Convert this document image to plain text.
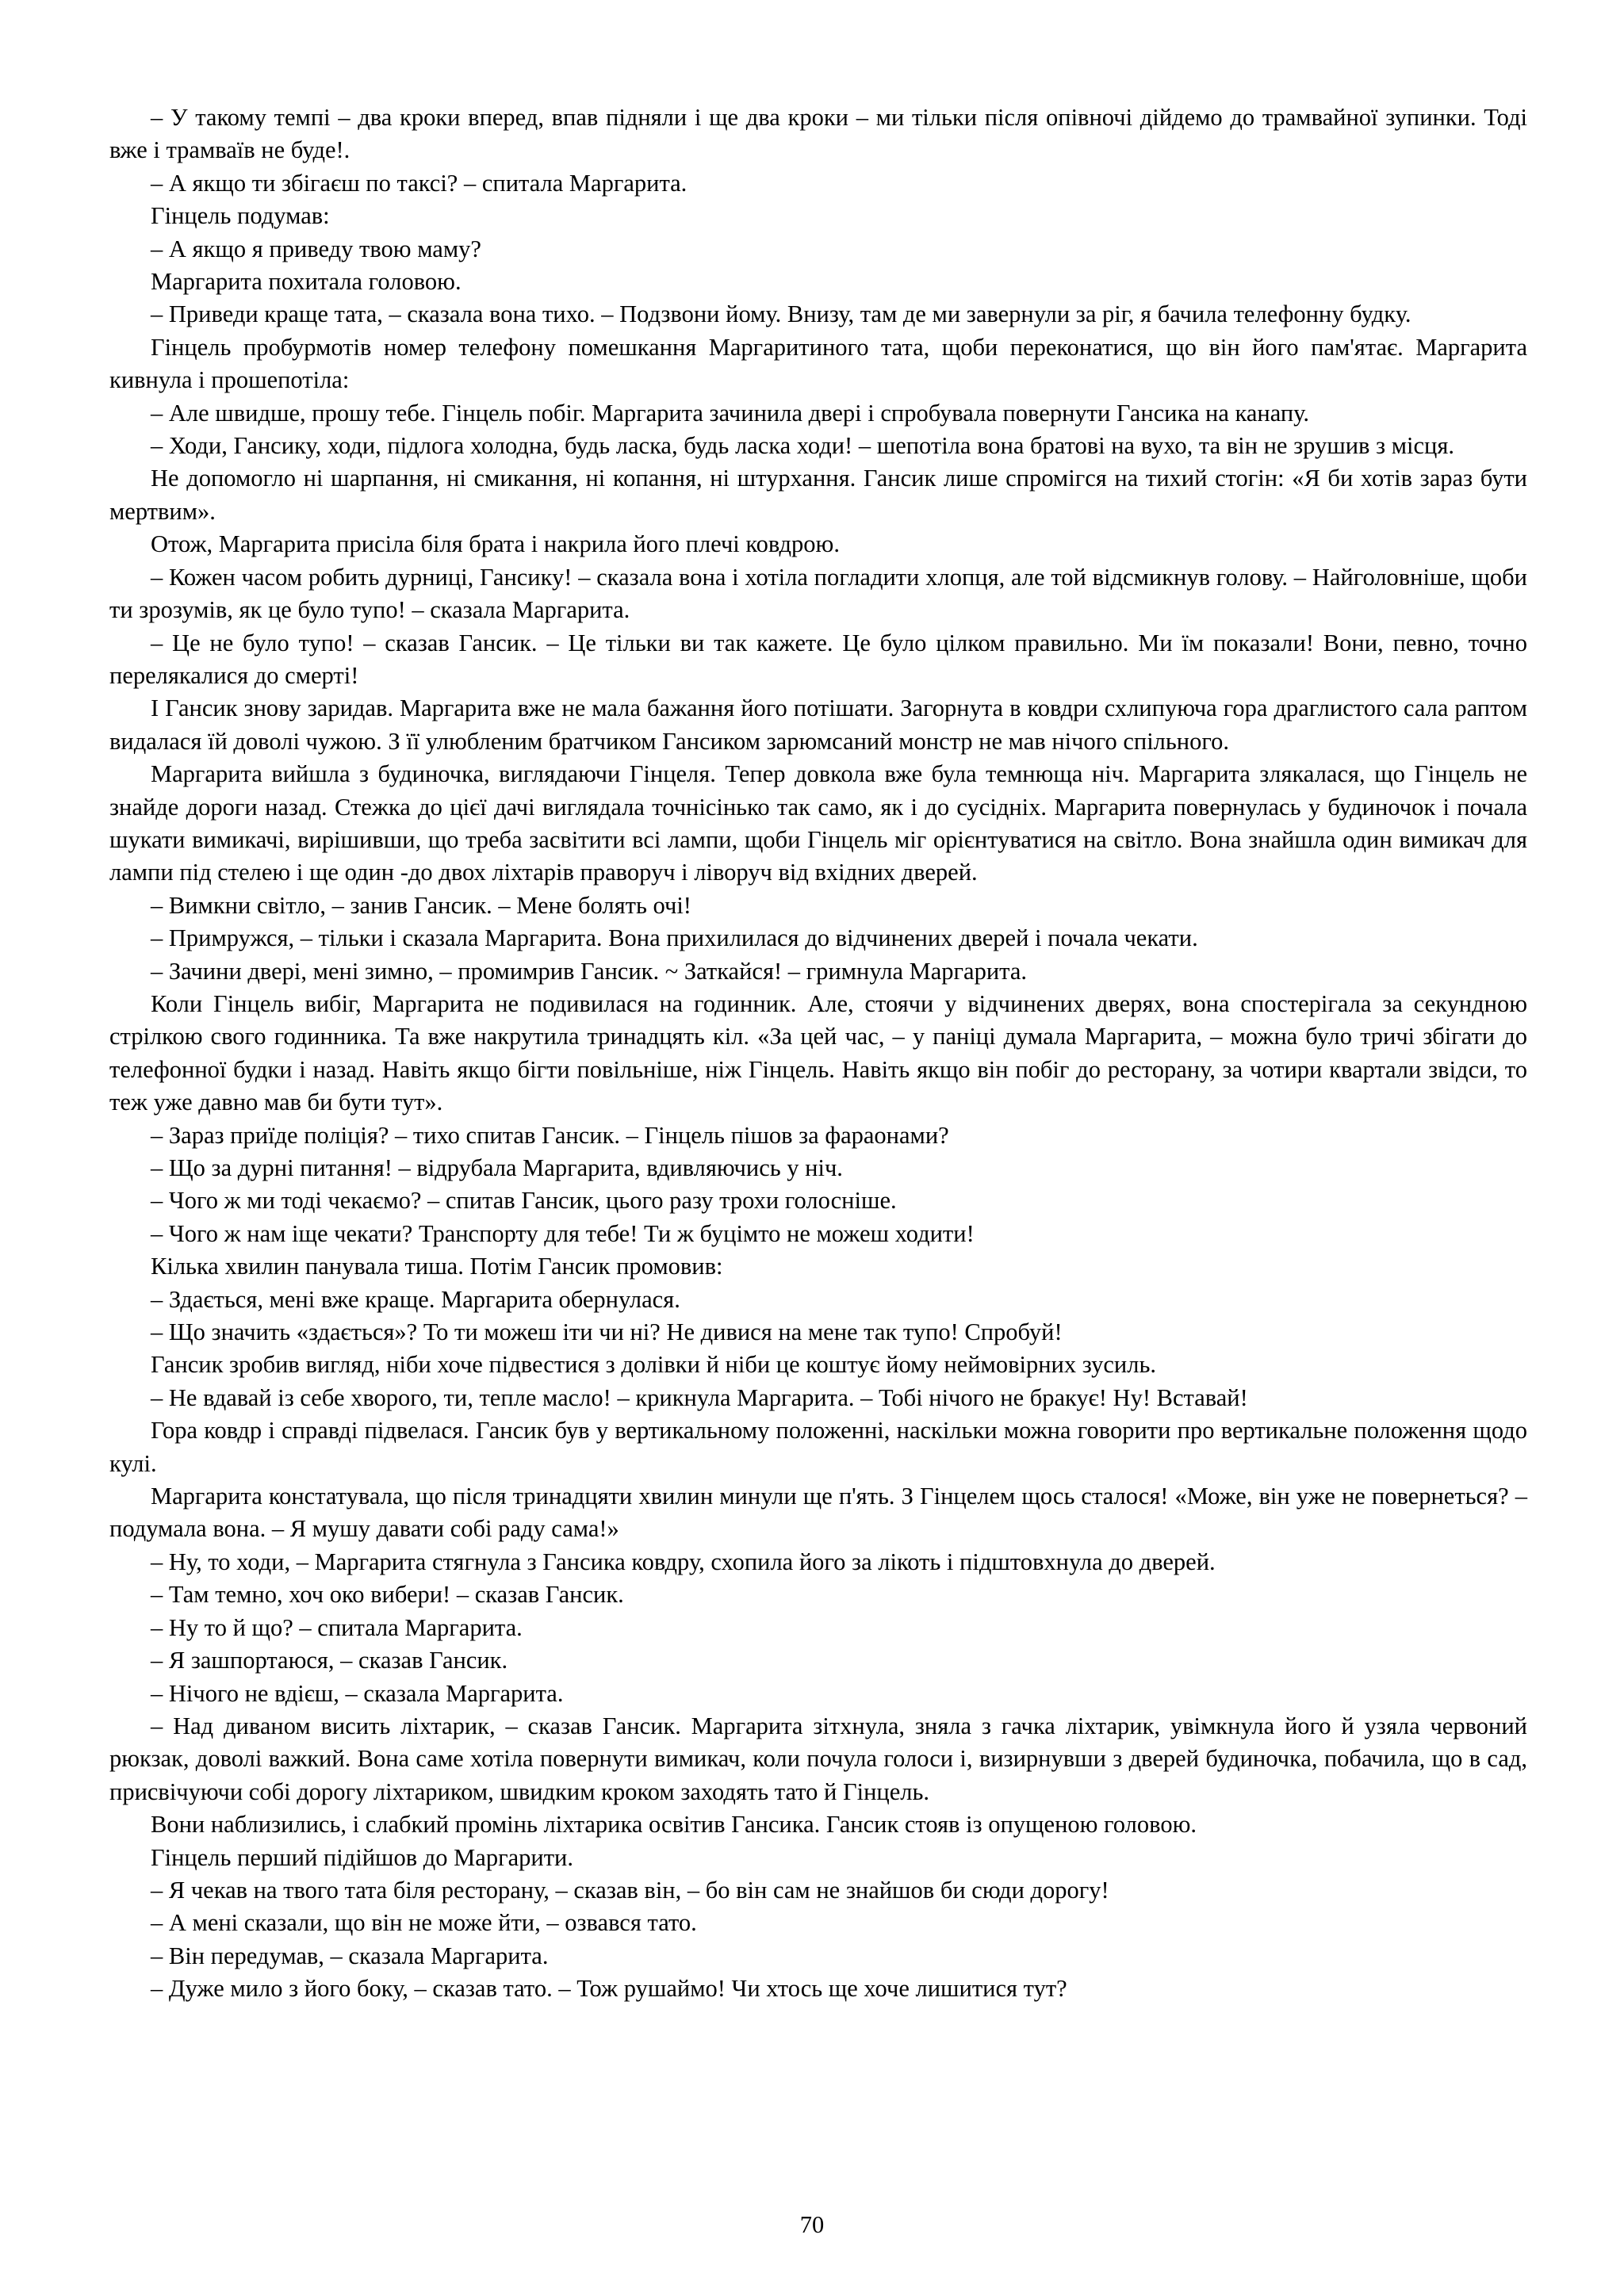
– У такому темпі – два кроки вперед, впав підняли і ще два кроки – ми тільки після опівночі дійдемо до трамвайної зупинки. Тоді вже і трамваїв не буде!.

– А якщо ти збігаєш по таксі? – спитала Маргарита.

Гінцель подумав:

– А якщо я приведу твою маму?

Маргарита похитала головою.

– Приведи краще тата, – сказала вона тихо. – Подзвони йому. Внизу, там де ми завернули за ріг, я бачила телефонну будку.

Гінцель пробурмотів номер телефону помешкання Маргаритиного тата, щоби переконатися, що він його пам'ятає. Маргарита кивнула і прошепотіла:

– Але швидше, прошу тебе. Гінцель побіг. Маргарита зачинила двері і спробувала повернути Гансика на канапу.

– Ходи, Гансику, ходи, підлога холодна, будь ласка, будь ласка ходи! – шепотіла вона братові на вухо, та він не зрушив з місця.

Не допомогло ні шарпання, ні смикання, ні копання, ні штурхання. Гансик лише спромігся на тихий стогін: «Я би хотів зараз бути мертвим».

Отож, Маргарита присіла біля брата і накрила його плечі ковдрою.

– Кожен часом робить дурниці, Гансику! – сказала вона і хотіла погладити хлопця, але той відсмикнув голову. – Найголовніше, щоби ти зрозумів, як це було тупо! – сказала Маргарита.

– Це не було тупо! – сказав Гансик. – Це тільки ви так кажете. Це було цілком правильно. Ми їм показали! Вони, певно, точно перелякалися до смерті!

І Гансик знову заридав. Маргарита вже не мала бажання його потішати. Загорнута в ковдри схлипуюча гора драглистого сала раптом видалася їй доволі чужою. З її улюбленим братчиком Гансиком зарюмсаний монстр не мав нічого спільного.

Маргарита вийшла з будиночка, виглядаючи Гінцеля. Тепер довкола вже була темнюща ніч. Маргарита злякалася, що Гінцель не знайде дороги назад. Стежка до цієї дачі виглядала точнісінько так само, як і до сусідніх. Маргарита повернулась у будиночок і почала шукати вимикачі, вирішивши, що треба засвітити всі лампи, щоби Гінцель міг орієнтуватися на світло. Вона знайшла один вимикач для лампи під стелею і ще один -до двох ліхтарів праворуч і ліворуч від вхідних дверей.

– Вимкни світло, – занив Гансик. – Мене болять очі!

– Примружся, – тільки і сказала Маргарита. Вона прихилилася до відчинених дверей і почала чекати.

– Зачини двері, мені зимно, – промимрив Гансик. ~ Заткайся! – гримнула Маргарита.

Коли Гінцель вибіг, Маргарита не подивилася на годинник. Але, стоячи у відчинених дверях, вона спостерігала за секундною стрілкою свого годинника. Та вже накрутила тринадцять кіл. «За цей час, – у паніці думала Маргарита, – можна було тричі збігати до телефонної будки і назад. Навіть якщо бігти повільніше, ніж Гінцель. Навіть якщо він побіг до ресторану, за чотири квартали звідси, то теж уже давно мав би бути тут».

– Зараз приїде поліція? – тихо спитав Гансик. – Гінцель пішов за фараонами?

– Що за дурні питання! – відрубала Маргарита, вдивляючись у ніч.

– Чого ж ми тоді чекаємо? – спитав Гансик, цього разу трохи голосніше.

– Чого ж нам іще чекати? Транспорту для тебе! Ти ж буцімто не можеш ходити!

Кілька хвилин панувала тиша. Потім Гансик промовив:

– Здається, мені вже краще. Маргарита обернулася.

– Що значить «здається»? То ти можеш іти чи ні? Не дивися на мене так тупо! Спробуй!

Гансик зробив вигляд, ніби хоче підвестися з долівки й ніби це коштує йому неймовірних зусиль.

– Не вдавай із себе хворого, ти, тепле масло! – крикнула Маргарита. – Тобі нічого не бракує! Ну! Вставай!

Гора ковдр і справді підвелася. Гансик був у вертикальному положенні, наскільки можна говорити про вертикальне положення щодо кулі.

Маргарита констатувала, що після тринадцяти хвилин минули ще п'ять. З Гінцелем щось сталося! «Може, він уже не повернеться? – подумала вона. – Я мушу давати собі раду сама!»

– Ну, то ходи, – Маргарита стягнула з Гансика ковдру, схопила його за лікоть і підштовхнула до дверей.

– Там темно, хоч око вибери! – сказав Гансик.

– Ну то й що? – спитала Маргарита.

– Я зашпортаюся, – сказав Гансик.

– Нічого не вдієш, – сказала Маргарита.

– Над диваном висить ліхтарик, – сказав Гансик. Маргарита зітхнула, зняла з гачка ліхтарик, увімкнула його й узяла червоний рюкзак, доволі важкий. Вона саме хотіла повернути вимикач, коли почула голоси і, визирнувши з дверей будиночка, побачила, що в сад, присвічуючи собі дорогу ліхтариком, швидким кроком заходять тато й Гінцель.

Вони наблизились, і слабкий промінь ліхтарика освітив Гансика. Гансик стояв із опущеною головою.

Гінцель перший підійшов до Маргарити.

– Я чекав на твого тата біля ресторану, – сказав він, – бо він сам не знайшов би сюди дорогу!

– А мені сказали, що він не може йти, – озвався тато.

– Він передумав, – сказала Маргарита.

– Дуже мило з його боку, – сказав тато. – Тож рушаймо! Чи хтось ще хоче лишитися тут?

70
